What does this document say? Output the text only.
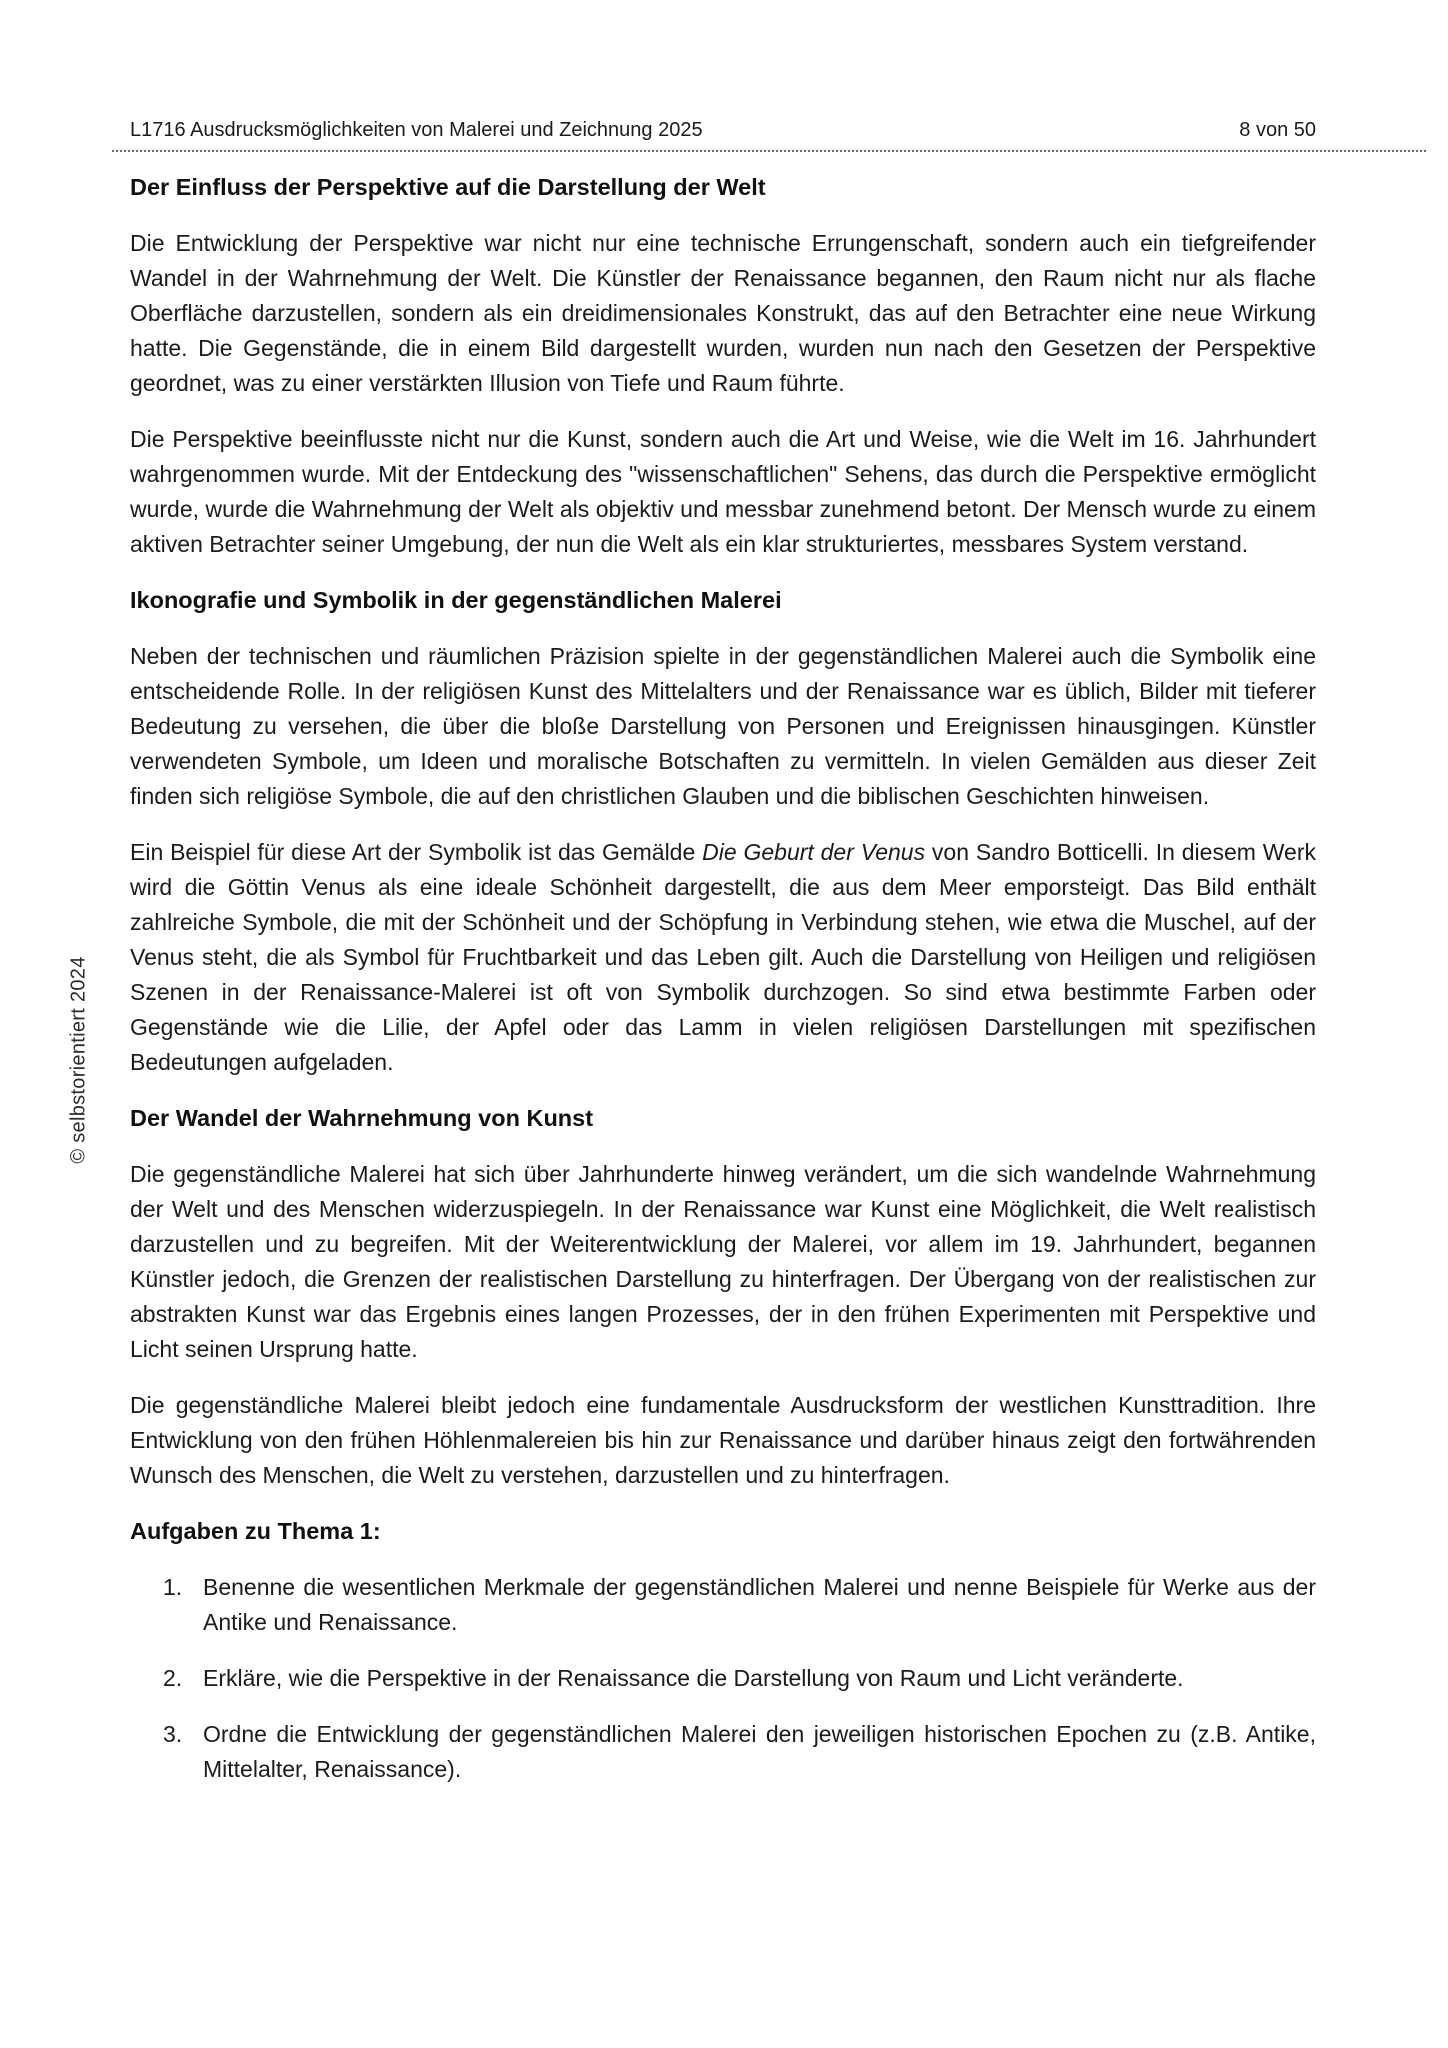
L1716 Ausdrucksmöglichkeiten von Malerei und Zeichnung 2025	8 von 50
© selbstorientiert 2024
Der Einfluss der Perspektive auf die Darstellung der Welt

Die Entwicklung der Perspektive war nicht nur eine technische Errungenschaft, sondern auch ein tiefgreifender Wandel in der Wahrnehmung der Welt. Die Künstler der Renaissance begannen, den Raum nicht nur als flache Oberfläche darzustellen, sondern als ein dreidimensionales Konstrukt, das auf den Betrachter eine neue Wirkung hatte. Die Gegenstände, die in einem Bild dargestellt wurden, wurden nun nach den Gesetzen der Perspektive geordnet, was zu einer verstärkten Illusion von Tiefe und Raum führte.

Die Perspektive beeinflusste nicht nur die Kunst, sondern auch die Art und Weise, wie die Welt im 16. Jahrhundert wahrgenommen wurde. Mit der Entdeckung des "wissenschaftlichen" Sehens, das durch die Perspektive ermöglicht wurde, wurde die Wahrnehmung der Welt als objektiv und messbar zunehmend betont. Der Mensch wurde zu einem aktiven Betrachter seiner Umgebung, der nun die Welt als ein klar strukturiertes, messbares System verstand.

Ikonografie und Symbolik in der gegenständlichen Malerei

Neben der technischen und räumlichen Präzision spielte in der gegenständlichen Malerei auch die Symbolik eine entscheidende Rolle. In der religiösen Kunst des Mittelalters und der Renaissance war es üblich, Bilder mit tieferer Bedeutung zu versehen, die über die bloße Darstellung von Personen und Ereignissen hinausgingen. Künstler verwendeten Symbole, um Ideen und moralische Botschaften zu vermitteln. In vielen Gemälden aus dieser Zeit finden sich religiöse Symbole, die auf den christlichen Glauben und die biblischen Geschichten hinweisen.

Ein Beispiel für diese Art der Symbolik ist das Gemälde Die Geburt der Venus von Sandro Botticelli. In diesem Werk wird die Göttin Venus als eine ideale Schönheit dargestellt, die aus dem Meer emporsteigt. Das Bild enthält zahlreiche Symbole, die mit der Schönheit und der Schöpfung in Verbindung stehen, wie etwa die Muschel, auf der Venus steht, die als Symbol für Fruchtbarkeit und das Leben gilt. Auch die Darstellung von Heiligen und religiösen Szenen in der Renaissance-Malerei ist oft von Symbolik durchzogen. So sind etwa bestimmte Farben oder Gegenstände wie die Lilie, der Apfel oder das Lamm in vielen religiösen Darstellungen mit spezifischen Bedeutungen aufgeladen.

Der Wandel der Wahrnehmung von Kunst

Die gegenständliche Malerei hat sich über Jahrhunderte hinweg verändert, um die sich wandelnde Wahrnehmung der Welt und des Menschen widerzuspiegeln. In der Renaissance war Kunst eine Möglichkeit, die Welt realistisch darzustellen und zu begreifen. Mit der Weiterentwicklung der Malerei, vor allem im 19. Jahrhundert, begannen Künstler jedoch, die Grenzen der realistischen Darstellung zu hinterfragen. Der Übergang von der realistischen zur abstrakten Kunst war das Ergebnis eines langen Prozesses, der in den frühen Experimenten mit Perspektive und Licht seinen Ursprung hatte.

Die gegenständliche Malerei bleibt jedoch eine fundamentale Ausdrucksform der westlichen Kunsttradition. Ihre Entwicklung von den frühen Höhlenmalereien bis hin zur Renaissance und darüber hinaus zeigt den fortwährenden Wunsch des Menschen, die Welt zu verstehen, darzustellen und zu hinterfragen.

Aufgaben zu Thema 1:
1. Benenne die wesentlichen Merkmale der gegenständlichen Malerei und nenne Beispiele für Werke aus der Antike und Renaissance.
2. Erkläre, wie die Perspektive in der Renaissance die Darstellung von Raum und Licht veränderte.
3. Ordne die Entwicklung der gegenständlichen Malerei den jeweiligen historischen Epochen zu (z.B. Antike, Mittelalter, Renaissance).
